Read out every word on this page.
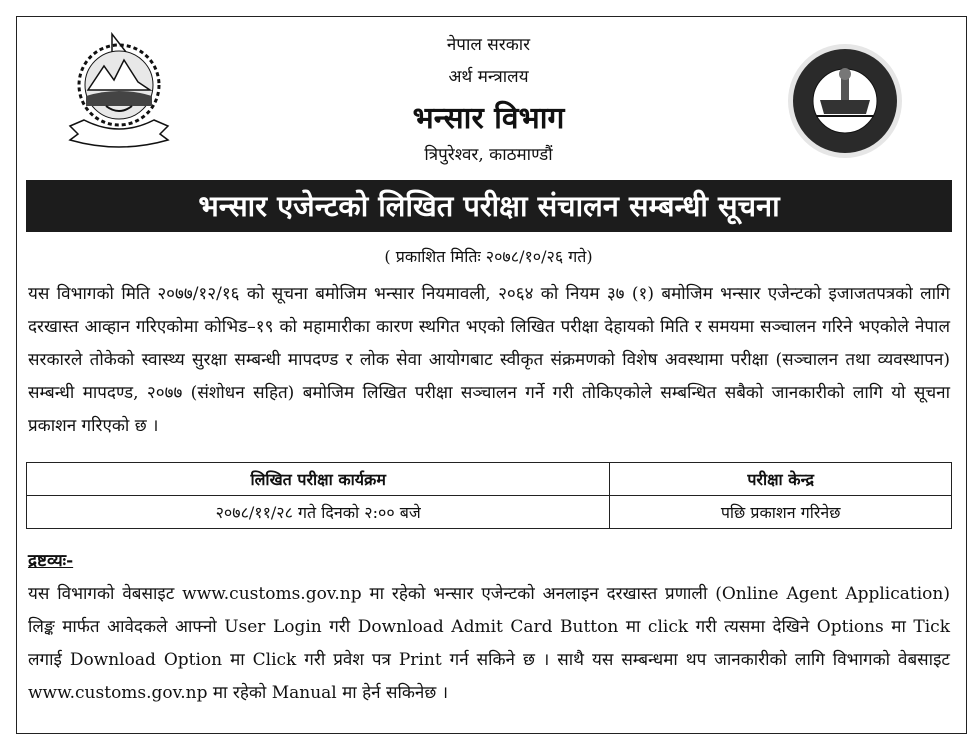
नेपाल सरकार
अर्थ मन्त्रालय
भन्सार विभाग
त्रिपुरेश्वर, काठमाण्डौं
भन्सार एजेन्टको लिखित परीक्षा संचालन सम्बन्धी सूचना
( प्रकाशित मितिः २०७८/१०/२६ गते)
यस विभागको मिति २०७७/१२/१६ को सूचना बमोजिम भन्सार नियमावली, २०६४ को नियम ३७ (१) बमोजिम भन्सार एजेन्टको इजाजतपत्रको लागि दरखास्त आव्हान गरिएकोमा कोभिड–१९ को महामारीका कारण स्थगित भएको लिखित परीक्षा देहायको मिति र समयमा सञ्चालन गरिने भएकोले नेपाल सरकारले तोकेको स्वास्थ्य सुरक्षा सम्बन्धी मापदण्ड र लोक सेवा आयोगबाट स्वीकृत संक्रमणको विशेष अवस्थामा परीक्षा (सञ्चालन तथा व्यवस्थापन) सम्बन्धी मापदण्ड, २०७७ (संशोधन सहित) बमोजिम लिखित परीक्षा सञ्चालन गर्ने गरी तोकिएकोले सम्बन्धित सबैको जानकारीको लागि यो सूचना प्रकाशन गरिएको छ ।
लिखित परीक्षा कार्यक्रम	परीक्षा केन्द्र
२०७८/११/२८ गते दिनको २:०० बजे	पछि प्रकाशन गरिनेछ
द्रष्टव्यः-
यस विभागको वेबसाइट www.customs.gov.np मा रहेको भन्सार एजेन्टको अनलाइन दरखास्त प्रणाली (Online Agent Application) लिङ्क मार्फत आवेदकले आफ्नो User Login गरी Download Admit Card Button मा click गरी त्यसमा देखिने Options मा Tick लगाई Download Option मा Click गरी प्रवेश पत्र Print गर्न सकिने छ । साथै यस सम्बन्धमा थप जानकारीको लागि विभागको वेबसाइट www.customs.gov.np मा रहेको Manual मा हेर्न सकिनेछ ।
